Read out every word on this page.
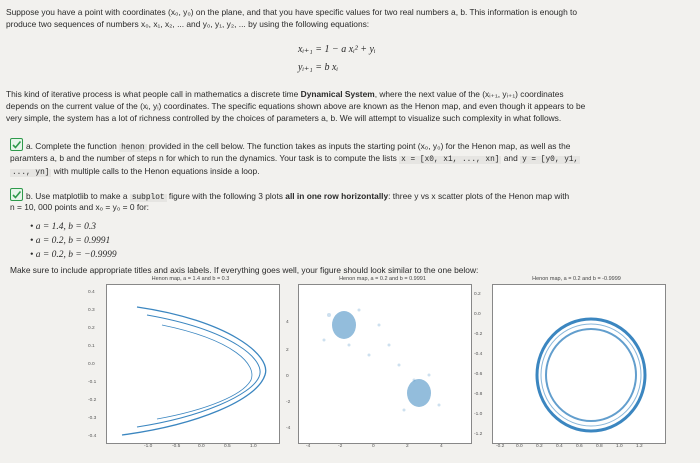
Suppose you have a point with coordinates (x₀, y₀) on the plane, and that you have specific values for two real numbers a, b. This information is enough to

produce two sequences of numbers x₀, x₁, x₂, ... and y₀, y₁, y₂, ... by using the following equations:

xᵢ₊₁ = 1 − a xᵢ² + yᵢ
yᵢ₊₁ = b xᵢ

This kind of iterative process is what people call in mathematics a discrete time Dynamical System, where the next value of the (xᵢ₊₁, yᵢ₊₁) coordinates

depends on the current value of the (xᵢ, yᵢ) coordinates. The specific equations shown above are known as the Henon map, and even though it appears to be

very simple, the system has a lot of richness controlled by the choices of parameters a, b. We will attempt to visualize such complexity in what follows.

a. Complete the function henon provided in the cell below. The function takes as inputs the starting point (x₀, y₀) for the Henon map, as well as the

paramters a, b and the number of steps n for which to run the dynamics. Your task is to compute the lists x = [x0, x1, ..., xn] and y = [y0, y1,

..., yn] with multiple calls to the Henon equations inside a loop.

b. Use matplotlib to make a subplot figure with the following 3 plots all in one row horizontally: three y vs x scatter plots of the Henon map with

n = 10, 000 points and x₀ = y₀ = 0 for:

• a = 1.4, b = 0.3
• a = 0.2, b = 0.9991
• a = 0.2, b = −0.9999

Make sure to include appropriate titles and axis labels. If everything goes well, your figure should look similar to the one below:

Henon map, a = 1.4 and b = 0.3
0.4
0.3
0.2
0.1
0.0
-0.1
-0.2
-0.3
-0.4
-1.0	-0.5	0.0	0.5	1.0
Henon map, a = 0.2 and b = 0.9991
4
2
0
-2
-4
-4	-2	0	2	4
Henon map, a = 0.2 and b = -0.9999
0.2
0.0
-0.2
-0.4
-0.6
-0.8
-1.0
-1.2
-0.2 0.0	0.2	0.4	0.6	0.8	1.0	1.2
